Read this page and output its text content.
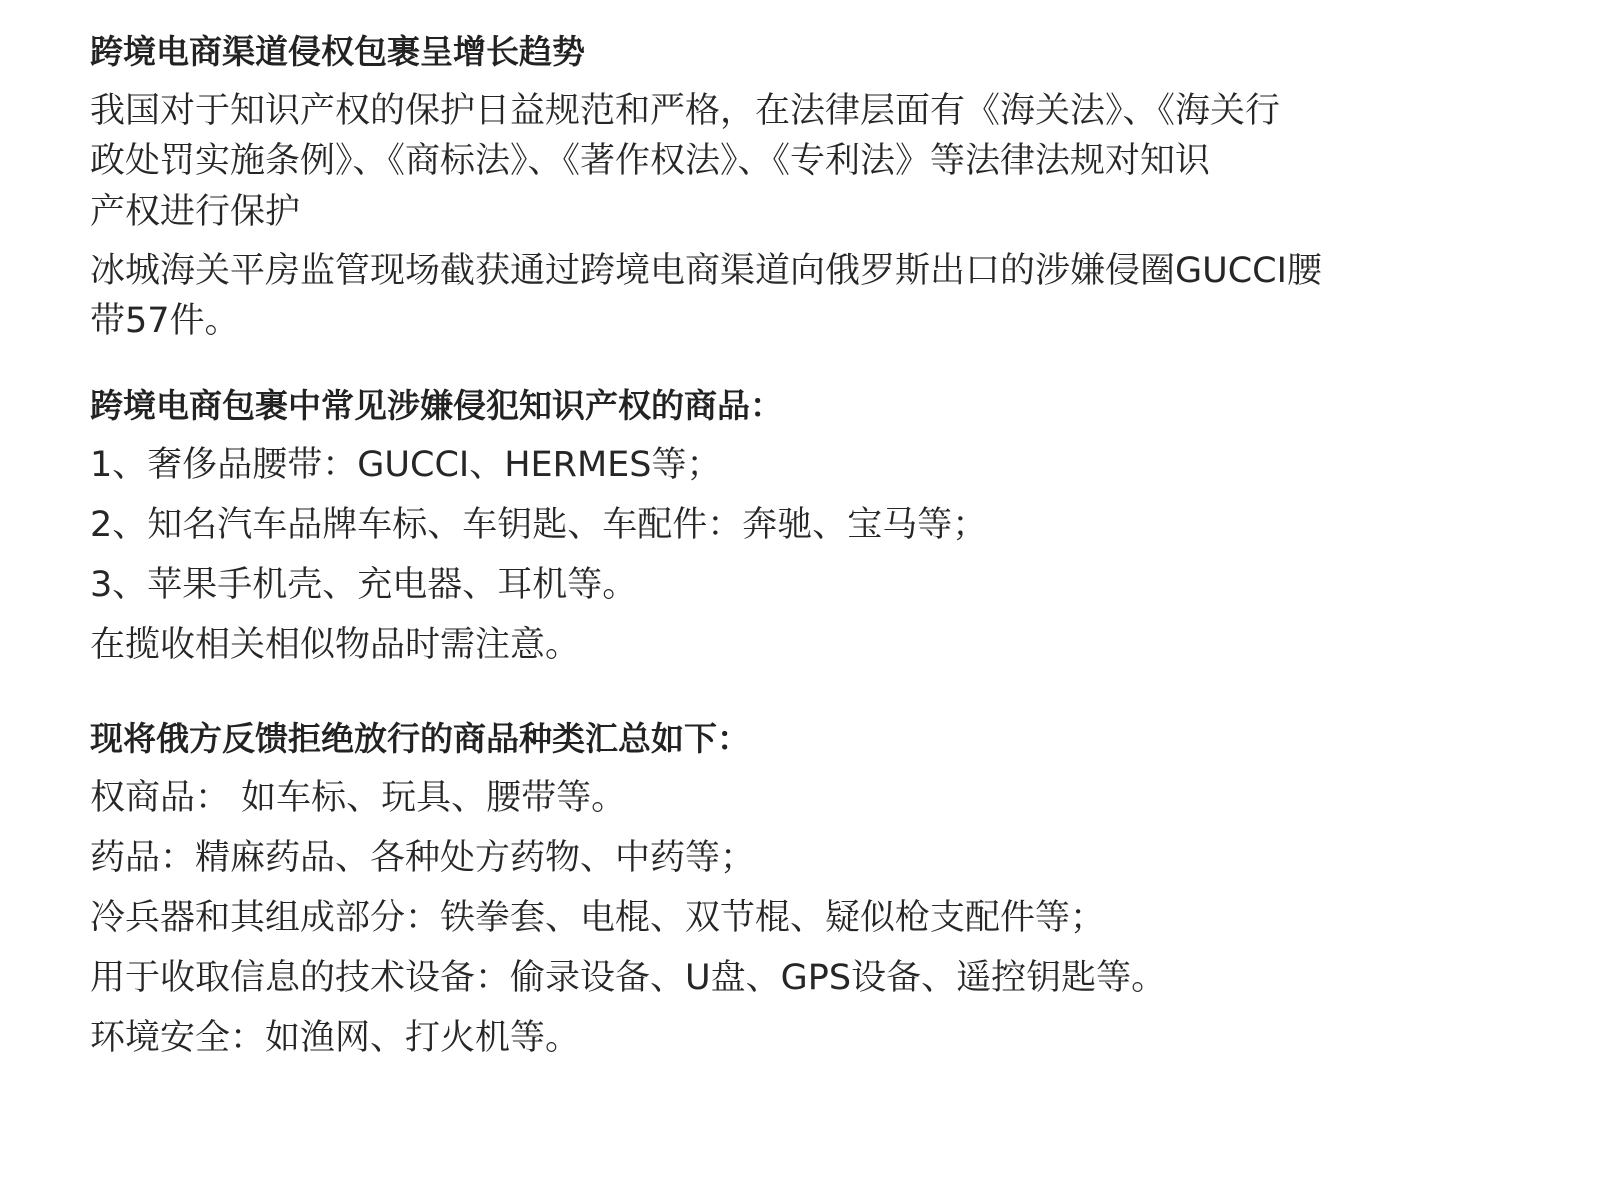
跨境电商渠道侵权包裹呈增长趋势
我国对于知识产权的保护日益规范和严格，在法律层面有《海关法》、《海关行
政处罚实施条例》、《商标法》、《著作权法》、《专利法》等法律法规对知识
产权进行保护
冰城海关平房监管现场截获通过跨境电商渠道向俄罗斯出口的涉嫌侵圈GUCCI腰
带57件。
跨境电商包裹中常见涉嫌侵犯知识产权的商品：
1、奢侈品腰带：GUCCI、HERMES等；
2、知名汽车品牌车标、车钥匙、车配件：奔驰、宝马等；
3、苹果手机壳、充电器、耳机等。
在揽收相关相似物品时需注意。
现将俄方反馈拒绝放行的商品种类汇总如下：
权商品： 如车标、玩具、腰带等。
药品：精麻药品、各种处方药物、中药等；
冷兵器和其组成部分：铁拳套、电棍、双节棍、疑似枪支配件等；
用于收取信息的技术设备：偷录设备、U盘、GPS设备、遥控钥匙等。
环境安全：如渔网、打火机等。
